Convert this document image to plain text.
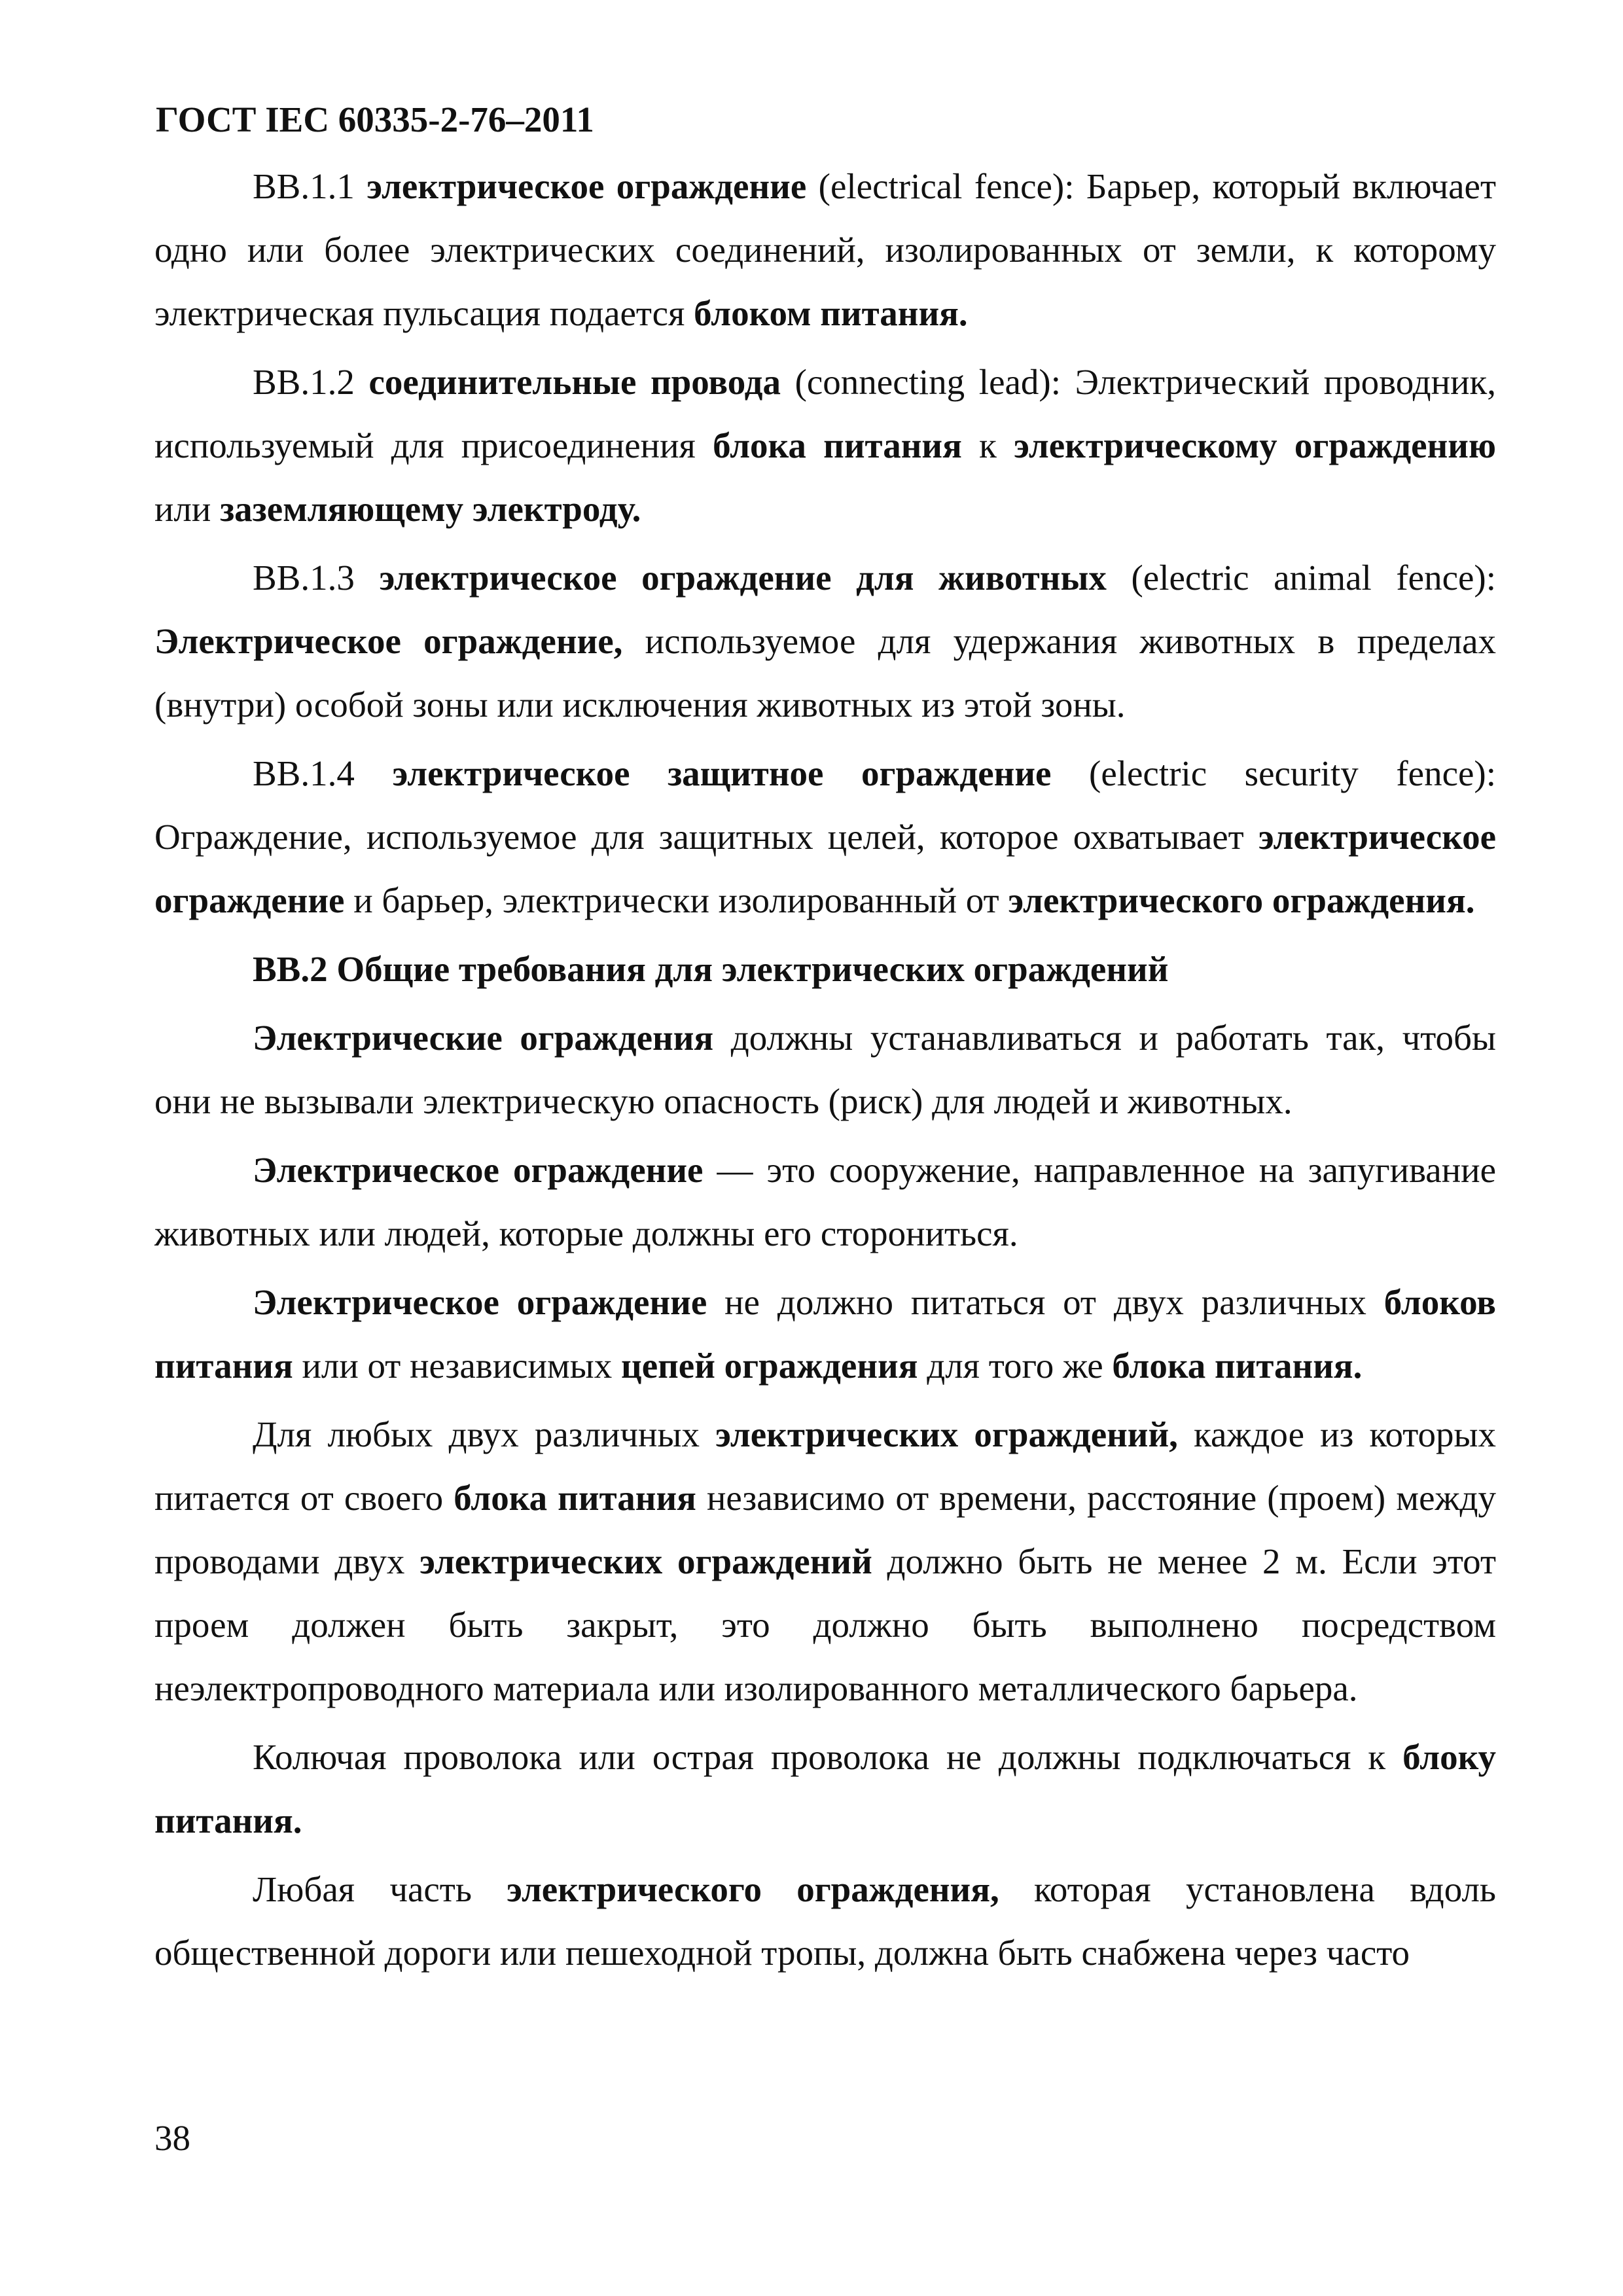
ГОСТ IEC 60335-2-76–2011

BB.1.1 электрическое ограждение (electrical fence): Барьер, который включает одно или более электрических соединений, изолированных от земли, к которому электрическая пульсация подается блоком питания.

BB.1.2 соединительные провода (connecting lead): Электрический проводник, используемый для присоединения блока питания к электрическому ограждению или заземляющему электроду.

BB.1.3 электрическое ограждение для животных (electric animal fence): Электрическое ограждение, используемое для удержания животных в пределах (внутри) особой зоны или исключения животных из этой зоны.

BB.1.4 электрическое защитное ограждение (electric security fence): Ограждение, используемое для защитных целей, которое охватывает электрическое ограждение и барьер, электрически изолированный от электрического ограждения.

BB.2 Общие требования для электрических ограждений

Электрические ограждения должны устанавливаться и работать так, чтобы они не вызывали электрическую опасность (риск) для людей и животных.

Электрическое ограждение — это сооружение, направленное на запугивание животных или людей, которые должны его сторониться.

Электрическое ограждение не должно питаться от двух различных блоков питания или от независимых цепей ограждения для того же блока питания.

Для любых двух различных электрических ограждений, каждое из которых питается от своего блока питания независимо от времени, расстояние (проем) между проводами двух электрических ограждений должно быть не менее 2 м. Если этот проем должен быть закрыт, это должно быть выполнено посредством неэлектропроводного материала или изолированного металлического барьера.

Колючая проволока или острая проволока не должны подключаться к блоку питания.

Любая часть электрического ограждения, которая установлена вдоль общественной дороги или пешеходной тропы, должна быть снабжена через часто

38
